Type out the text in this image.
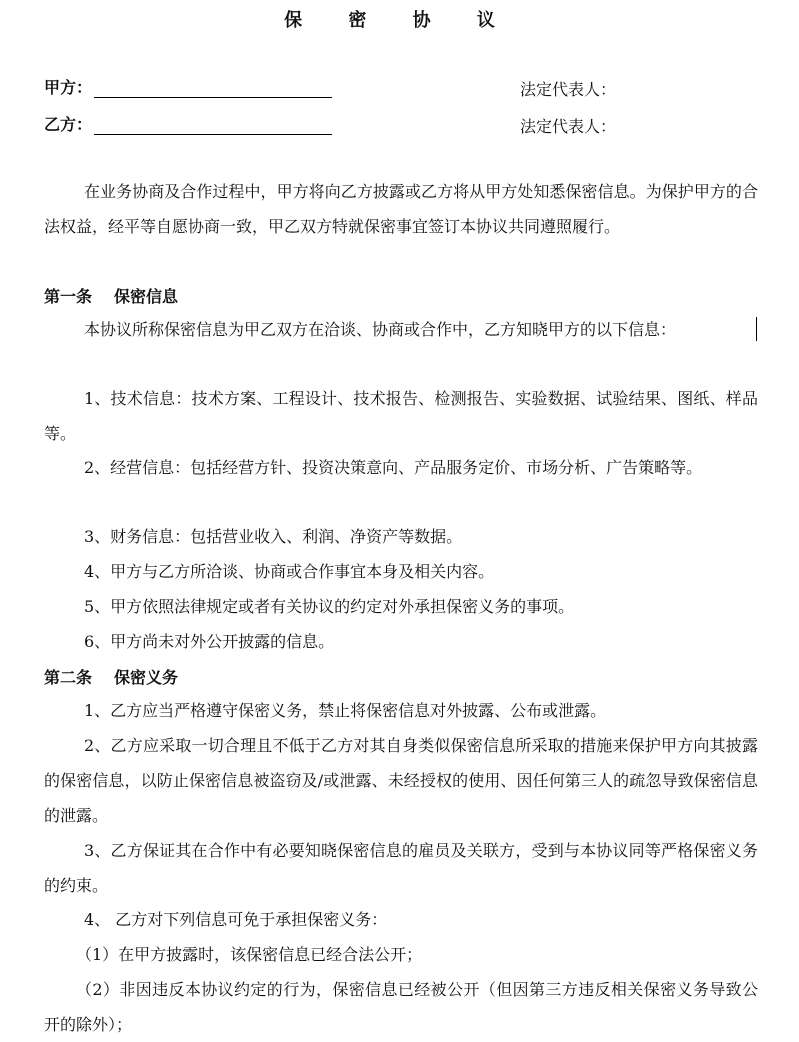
保 密 协 议
甲方：	法定代表人：
乙方：	法定代表人：
在业务协商及合作过程中，甲方将向乙方披露或乙方将从甲方处知悉保密信息。为保护甲方的合法权益，经平等自愿协商一致，甲乙双方特就保密事宜签订本协议共同遵照履行。
第一条 保密信息
本协议所称保密信息为甲乙双方在洽谈、协商或合作中，乙方知晓甲方的以下信息：
1、技术信息：技术方案、工程设计、技术报告、检测报告、实验数据、试验结果、图纸、样品等。
2、经营信息：包括经营方针、投资决策意向、产品服务定价、市场分析、广告策略等。
3、财务信息：包括营业收入、利润、净资产等数据。
4、甲方与乙方所洽谈、协商或合作事宜本身及相关内容。
5、甲方依照法律规定或者有关协议的约定对外承担保密义务的事项。
6、甲方尚未对外公开披露的信息。
第二条 保密义务
1、乙方应当严格遵守保密义务，禁止将保密信息对外披露、公布或泄露。
2、乙方应采取一切合理且不低于乙方对其自身类似保密信息所采取的措施来保护甲方向其披露的保密信息，以防止保密信息被盗窃及/或泄露、未经授权的使用、因任何第三人的疏忽导致保密信息的泄露。
3、乙方保证其在合作中有必要知晓保密信息的雇员及关联方，受到与本协议同等严格保密义务的约束。
4、 乙方对下列信息可免于承担保密义务：
（1）在甲方披露时，该保密信息已经合法公开；
（2）非因违反本协议约定的行为，保密信息已经被公开（但因第三方违反相关保密义务导致公开的除外）；
